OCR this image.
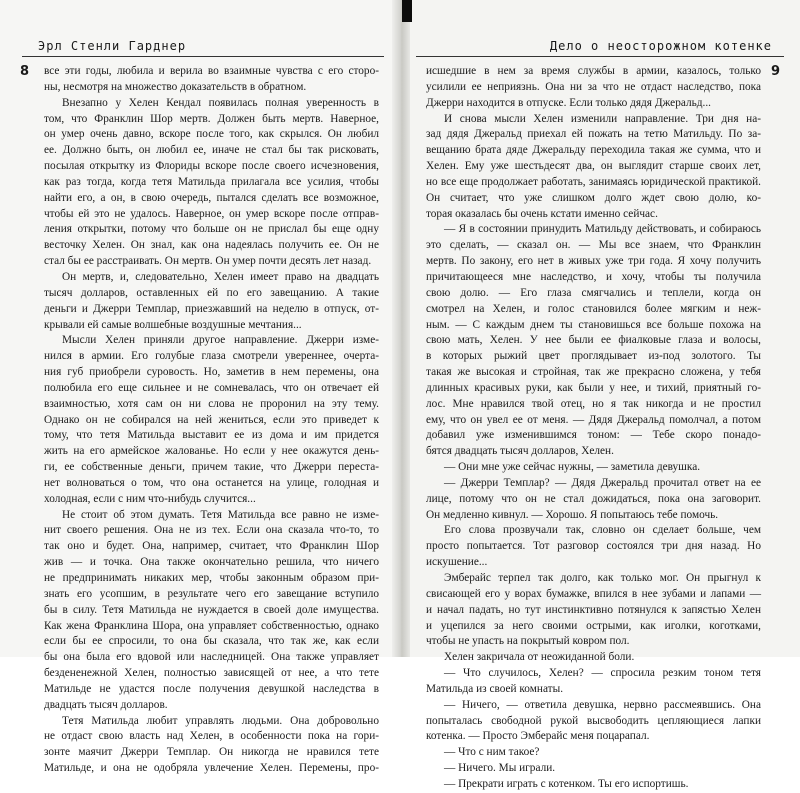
Эрл Стенли Гарднер
8 все эти годы, любила и верила во взаимные чувства с его сторо-
ны, несмотря на множество доказательств в обратном.
Внезапно у Хелен Кендал появилась полная уверенность в
том, что Франклин Шор мертв. Должен быть мертв. Наверное,
он умер очень давно, вскоре после того, как скрылся. Он любил
ее. Должно быть, он любил ее, иначе не стал бы так рисковать,
посылая открытку из Флориды вскоре после своего исчезновения,
как раз тогда, когда тетя Матильда прилагала все усилия, чтобы
найти его, а он, в свою очередь, пытался сделать все возможное,
чтобы ей это не удалось. Наверное, он умер вскоре после отправ-
ления открытки, потому что больше он не прислал бы еще одну
весточку Хелен. Он знал, как она надеялась получить ее. Он не
стал бы ее расстраивать. Он мертв. Он умер почти десять лет назад.
Он мертв, и, следовательно, Хелен имеет право на двадцать
тысяч долларов, оставленных ей по его завещанию. А такие
деньги и Джерри Темплар, приезжавший на неделю в отпуск, от-
крывали ей самые волшебные воздушные мечтания...
Мысли Хелен приняли другое направление. Джерри изме-
нился в армии. Его голубые глаза смотрели увереннее, очерта-
ния губ приобрели суровость. Но, заметив в нем перемены, она
полюбила его еще сильнее и не сомневалась, что он отвечает ей
взаимностью, хотя сам он ни слова не проронил на эту тему.
Однако он не собирался на ней жениться, если это приведет к
тому, что тетя Матильда выставит ее из дома и им придется
жить на его армейское жалованье. Но если у нее окажутся день-
ги, ее собственные деньги, причем такие, что Джерри переста-
нет волноваться о том, что она останется на улице, голодная и
холодная, если с ним что-нибудь случится...
Не стоит об этом думать. Тетя Матильда все равно не изме-
нит своего решения. Она не из тех. Если она сказала что-то, то
так оно и будет. Она, например, считает, что Франклин Шор
жив — и точка. Она также окончательно решила, что ничего
не предпринимать никаких мер, чтобы законным образом при-
знать его усопшим, в результате чего его завещание вступило
бы в силу. Тетя Матильда не нуждается в своей доле имущества.
Как жена Франклина Шора, она управляет собственностью, однако
если бы ее спросили, то она бы сказала, что так же, как если
бы она была его вдовой или наследницей. Она также управляет
бездененежной Хелен, полностью зависящей от нее, а что тете
Матильде не удастся после получения девушкой наследства в
двадцать тысяч долларов.
Тетя Матильда любит управлять людьми. Она добровольно
не отдаст свою власть над Хелен, в особенности пока на гори-
зонте маячит Джерри Темплар. Он никогда не нравился тете
Матильде, и она не одобряла увлечение Хелен. Перемены, про-
Дело о неосторожном котенке
9
исшедшие в нем за время службы в армии, казалось, только
усилили ее неприязнь. Она ни за что не отдаст наследство, пока
Джерри находится в отпуске. Если только дядя Джеральд...
И снова мысли Хелен изменили направление. Три дня на-
зад дядя Джеральд приехал ей пожать на тетю Матильду. По за-
вещанию брата дяде Джеральду переходила такая же сумма, что и
Хелен. Ему уже шестьдесят два, он выглядит старше своих лет,
но все еще продолжает работать, занимаясь юридической практикой.
Он считает, что уже слишком долго ждет свою долю, ко-
торая оказалась бы очень кстати именно сейчас.
— Я в состоянии принудить Матильду действовать, и собираюсь
это сделать, — сказал он. — Мы все знаем, что Франклин
мертв. По закону, его нет в живых уже три года. Я хочу получить
причитающееся мне наследство, и хочу, чтобы ты получила
свою долю. — Его глаза смягчались и теплели, когда он
смотрел на Хелен, и голос становился более мягким и неж-
ным. — С каждым днем ты становишься все больше похожа на
свою мать, Хелен. У нее были ее фиалковые глаза и волосы,
в которых рыжий цвет проглядывает из-под золотого. Ты
такая же высокая и стройная, так же прекрасно сложена, у тебя
длинных красивых руки, как были у нее, и тихий, приятный го-
лос. Мне нравился твой отец, но я так никогда и не простил
ему, что он увел ее от меня. — Дядя Джеральд помолчал, а потом
добавил уже изменившимся тоном: — Тебе скоро понадо-
бятся двадцать тысяч долларов, Хелен.
— Они мне уже сейчас нужны, — заметила девушка.
— Джерри Темплар? — Дядя Джеральд прочитал ответ на ее
лице, потому что он не стал дожидаться, пока она заговорит.
Он медленно кивнул. — Хорошо. Я попытаюсь тебе помочь.
Его слова прозвучали так, словно он сделает больше, чем
просто попытается. Тот разговор состоялся три дня назад. Но
искушение...
Эмберайс терпел так долго, как только мог. Он прыгнул к
свисающей его у ворах бумажке, впился в нее зубами и лапами —
и начал падать, но тут инстинктивно потянулся к запястью Хелен
и уцепился за него своими острыми, как иголки, коготками,
чтобы не упасть на покрытый ковром пол.
Хелен закричала от неожиданной боли.
— Что случилось, Хелен? — спросила резким тоном тетя
Матильда из своей комнаты.
— Ничего, — ответила девушка, нервно рассмеявшись. Она
попыталась свободной рукой высвободить цепляющиеся лапки
котенка. — Просто Эмберайс меня поцарапал.
— Что с ним такое?
— Ничего. Мы играли.
— Прекрати играть с котенком. Ты его испортишь.
